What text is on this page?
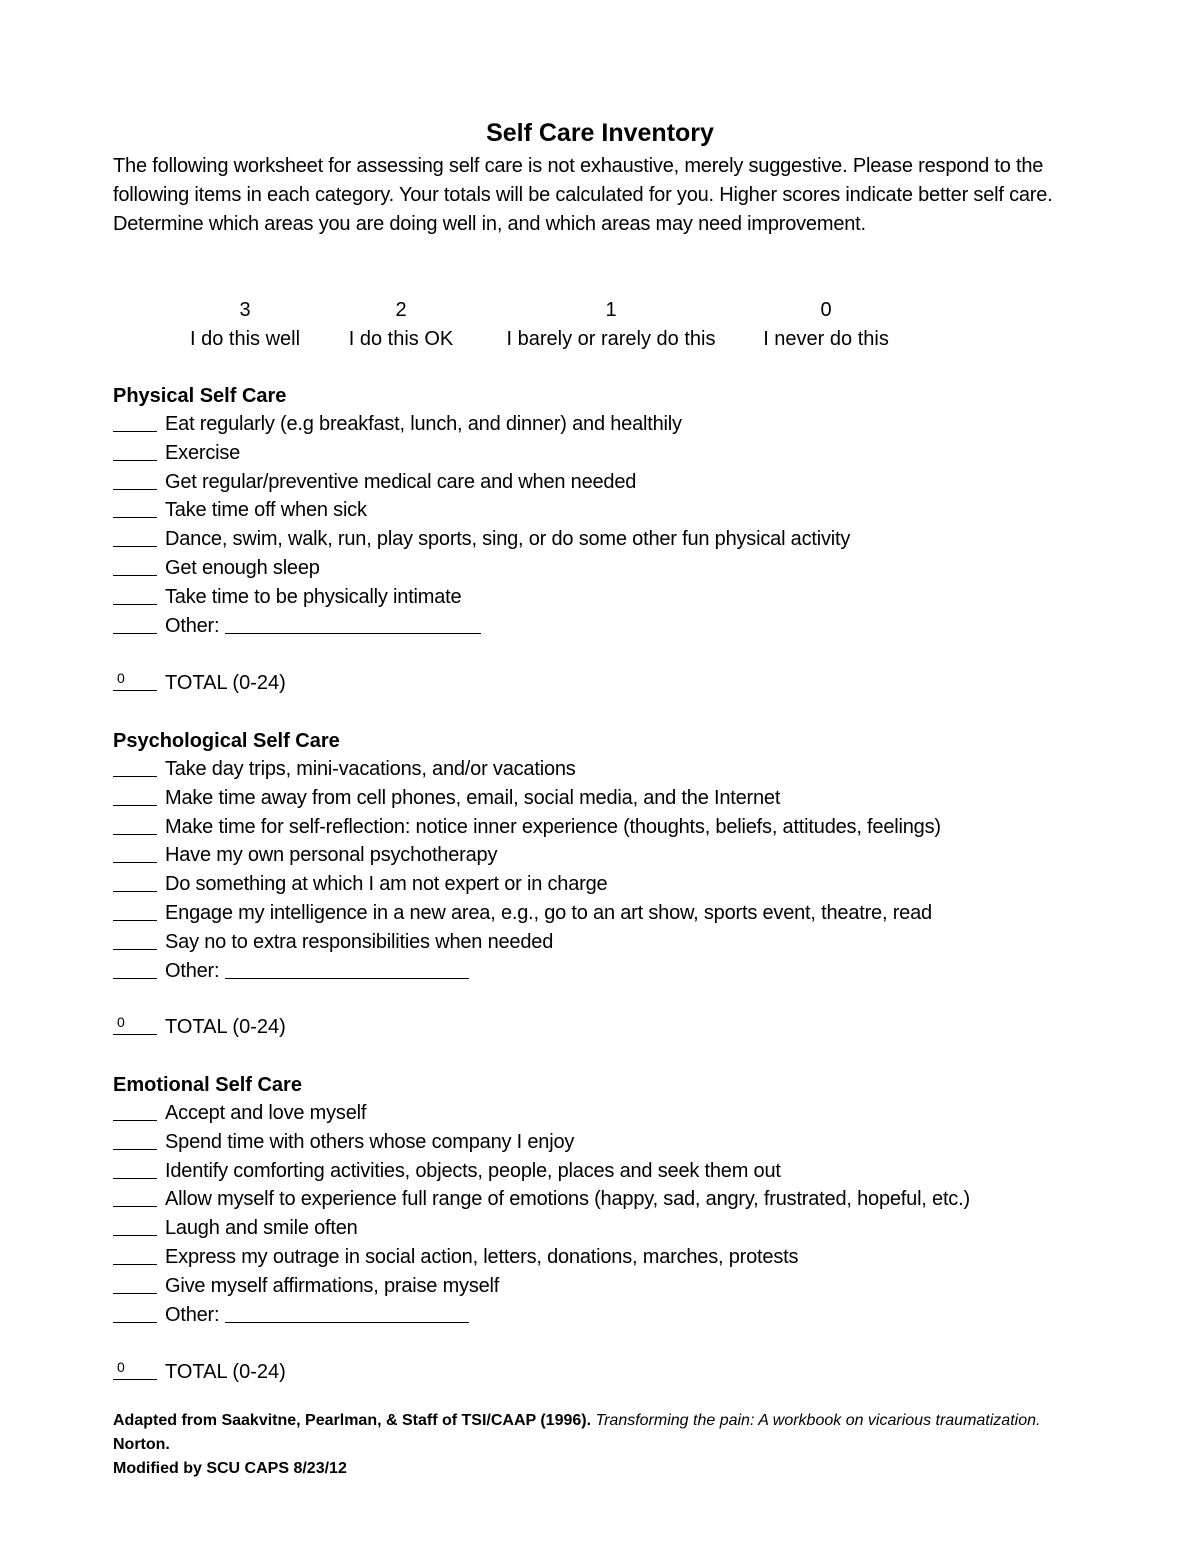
Self Care Inventory

The following worksheet for assessing self care is not exhaustive, merely suggestive. Please respond to the following items in each category. Your totals will be calculated for you. Higher scores indicate better self care. Determine which areas you are doing well in, and which areas may need improvement.

3
I do this well
2
I do this OK
1
I barely or rarely do this
0
I never do this
Physical Self Care
Eat regularly (e.g breakfast, lunch, and dinner) and healthily
Exercise
Get regular/preventive medical care and when needed
Take time off when sick
Dance, swim, walk, run, play sports, sing, or do some other fun physical activity
Get enough sleep
Take time to be physically intimate
Other:
0 TOTAL (0-24)
Psychological Self Care
Take day trips, mini-vacations, and/or vacations
Make time away from cell phones, email, social media, and the Internet
Make time for self-reflection: notice inner experience (thoughts, beliefs, attitudes, feelings)
Have my own personal psychotherapy
Do something at which I am not expert or in charge
Engage my intelligence in a new area, e.g., go to an art show, sports event, theatre, read
Say no to extra responsibilities when needed
Other:
0 TOTAL (0-24)
Emotional Self Care
Accept and love myself
Spend time with others whose company I enjoy
Identify comforting activities, objects, people, places and seek them out
Allow myself to experience full range of emotions (happy, sad, angry, frustrated, hopeful, etc.)
Laugh and smile often
Express my outrage in social action, letters, donations, marches, protests
Give myself affirmations, praise myself
Other:
0 TOTAL (0-24)

Adapted from Saakvitne, Pearlman, & Staff of TSI/CAAP (1996). Transforming the pain: A workbook on vicarious traumatization. Norton.

Modified by SCU CAPS 8/23/12
